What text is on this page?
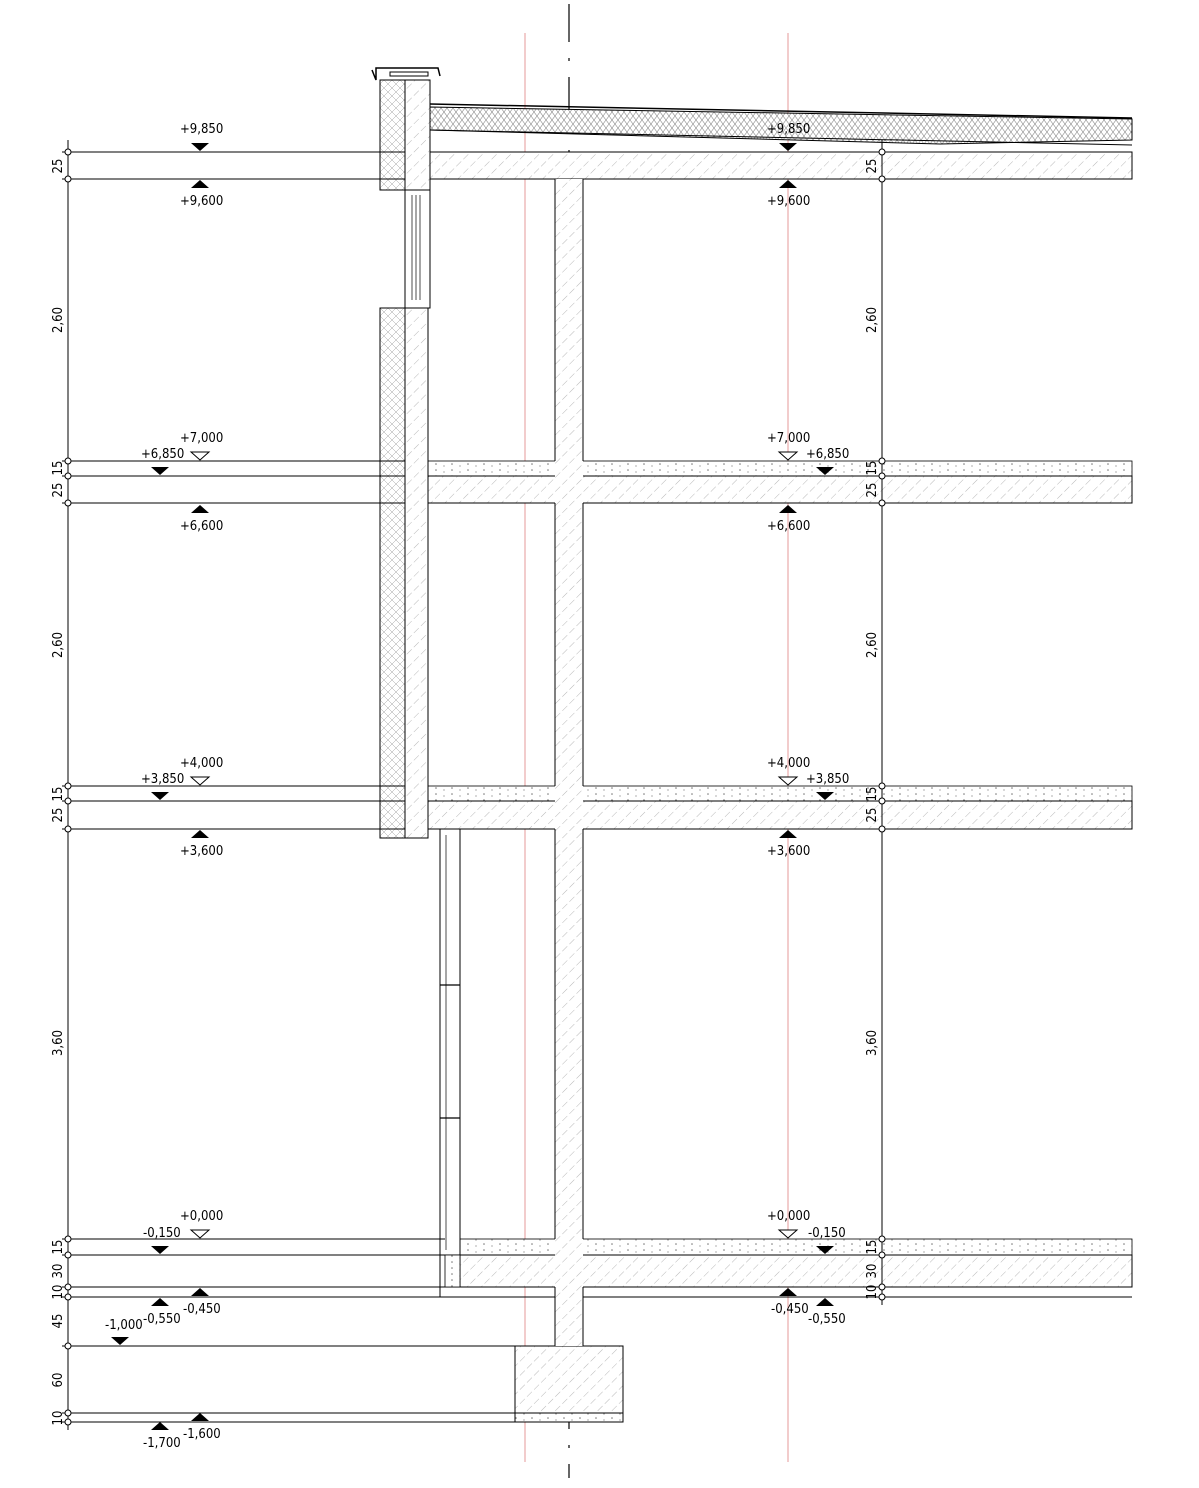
25
2,60
15
25
2,60
15
25
3,60
15
30
10
45
60
10
25
2,60
15
25
2,60
15
25
3,60
15
30
10
+9,850
+9,600
+7,000
+6,850
+6,600
+4,000
+3,850
+3,600
+0,000
-0,150
-0,450
-0,550
-1,000
-1,600
-1,700
+9,850
+9,600
+7,000
+6,850
+6,600
+4,000
+3,850
+3,600
+0,000
-0,150
-0,450
-0,550
